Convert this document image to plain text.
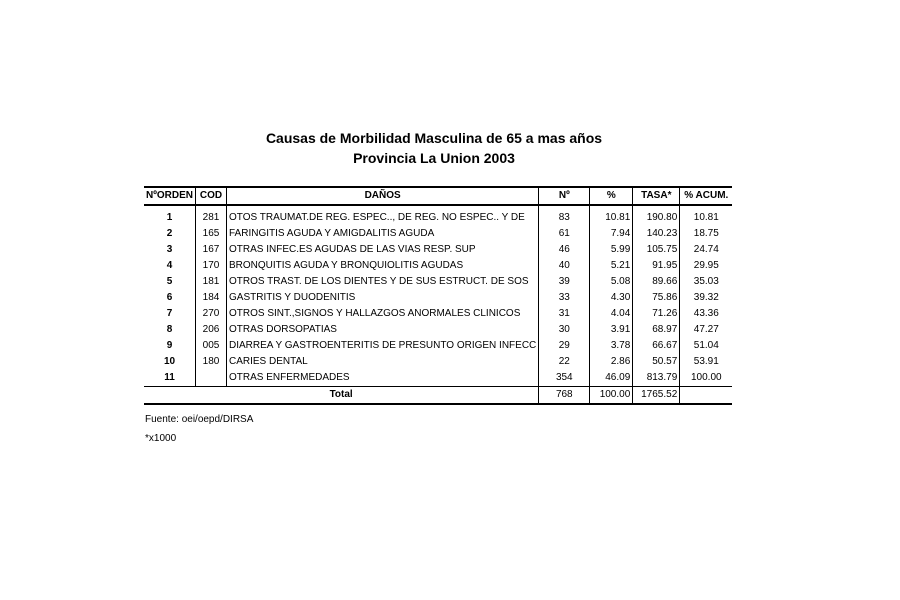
Causas de Morbilidad Masculina de 65 a mas años
Provincia La Union 2003
NºORDEN	COD	DAÑOS	Nº	%	TASA*	% ACUM.
1	281	OTOS TRAUMAT.DE REG. ESPEC.., DE REG. NO ESPEC.. Y DE	83	10.81	190.80	10.81
2	165	FARINGITIS AGUDA Y AMIGDALITIS AGUDA	61	7.94	140.23	18.75
3	167	OTRAS INFEC.ES AGUDAS DE LAS VIAS RESP. SUP	46	5.99	105.75	24.74
4	170	BRONQUITIS AGUDA Y BRONQUIOLITIS AGUDAS	40	5.21	91.95	29.95
5	181	OTROS TRAST. DE LOS DIENTES Y DE SUS ESTRUCT. DE SOS	39	5.08	89.66	35.03
6	184	GASTRITIS Y DUODENITIS	33	4.30	75.86	39.32
7	270	OTROS SINT.,SIGNOS Y HALLAZGOS ANORMALES CLINICOS	31	4.04	71.26	43.36
8	206	OTRAS DORSOPATIAS	30	3.91	68.97	47.27
9	005	DIARREA Y GASTROENTERITIS DE PRESUNTO ORIGEN INFECC	29	3.78	66.67	51.04
10	180	CARIES DENTAL	22	2.86	50.57	53.91
11		OTRAS ENFERMEDADES	354	46.09	813.79	100.00
Total			768	100.00	1765.52	
Fuente: oei/oepd/DIRSA
*x1000
